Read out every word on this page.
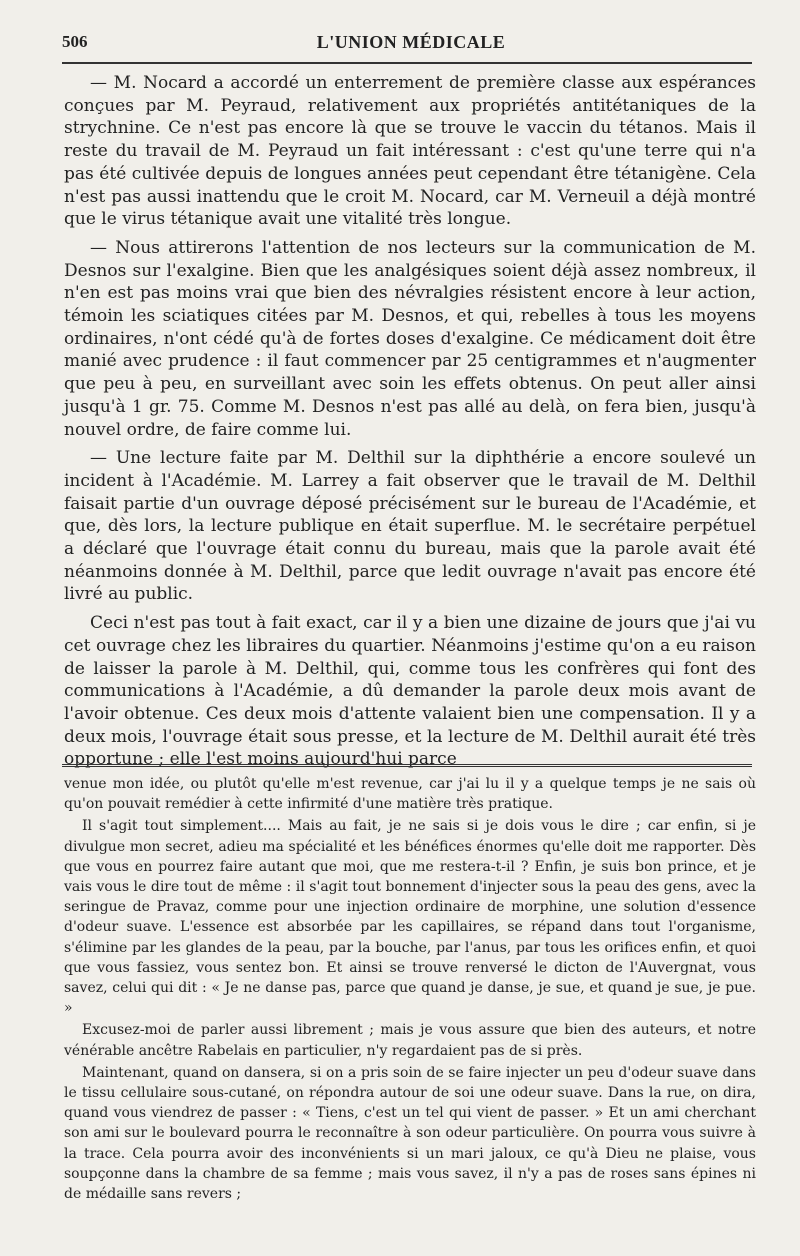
506	L'UNION MÉDICALE

— M. Nocard a accordé un enterrement de première classe aux espérances conçues par M. Peyraud, relativement aux propriétés antitétaniques de la strychnine. Ce n'est pas encore là que se trouve le vaccin du tétanos. Mais il reste du travail de M. Peyraud un fait intéressant : c'est qu'une terre qui n'a pas été cultivée depuis de longues années peut cependant être tétanigène. Cela n'est pas aussi inattendu que le croit M. Nocard, car M. Verneuil a déjà montré que le virus tétanique avait une vitalité très longue.

— Nous attirerons l'attention de nos lecteurs sur la communication de M. Desnos sur l'exalgine. Bien que les analgésiques soient déjà assez nombreux, il n'en est pas moins vrai que bien des névralgies résistent encore à leur action, témoin les sciatiques citées par M. Desnos, et qui, rebelles à tous les moyens ordinaires, n'ont cédé qu'à de fortes doses d'exalgine. Ce médicament doit être manié avec prudence : il faut commencer par 25 centigrammes et n'augmenter que peu à peu, en surveillant avec soin les effets obtenus. On peut aller ainsi jusqu'à 1 gr. 75. Comme M. Desnos n'est pas allé au delà, on fera bien, jusqu'à nouvel ordre, de faire comme lui.

— Une lecture faite par M. Delthil sur la diphthérie a encore soulevé un incident à l'Académie. M. Larrey a fait observer que le travail de M. Delthil faisait partie d'un ouvrage déposé précisément sur le bureau de l'Académie, et que, dès lors, la lecture publique en était superflue. M. le secrétaire perpétuel a déclaré que l'ouvrage était connu du bureau, mais que la parole avait été néanmoins donnée à M. Delthil, parce que ledit ouvrage n'avait pas encore été livré au public.

Ceci n'est pas tout à fait exact, car il y a bien une dizaine de jours que j'ai vu cet ouvrage chez les libraires du quartier. Néanmoins j'estime qu'on a eu raison de laisser la parole à M. Delthil, qui, comme tous les confrères qui font des communications à l'Académie, a dû demander la parole deux mois avant de l'avoir obtenue. Ces deux mois d'attente valaient bien une compensation. Il y a deux mois, l'ouvrage était sous presse, et la lecture de M. Delthil aurait été très opportune ; elle l'est moins aujourd'hui parce

venue mon idée, ou plutôt qu'elle m'est revenue, car j'ai lu il y a quelque temps je ne sais où qu'on pouvait remédier à cette infirmité d'une matière très pratique.

Il s'agit tout simplement.... Mais au fait, je ne sais si je dois vous le dire ; car enfin, si je divulgue mon secret, adieu ma spécialité et les bénéfices énormes qu'elle doit me rapporter. Dès que vous en pourrez faire autant que moi, que me restera-t-il ? Enfin, je suis bon prince, et je vais vous le dire tout de même : il s'agit tout bonnement d'injecter sous la peau des gens, avec la seringue de Pravaz, comme pour une injection ordinaire de morphine, une solution d'essence d'odeur suave. L'essence est absorbée par les capillaires, se répand dans tout l'organisme, s'élimine par les glandes de la peau, par la bouche, par l'anus, par tous les orifices enfin, et quoi que vous fassiez, vous sentez bon. Et ainsi se trouve renversé le dicton de l'Auvergnat, vous savez, celui qui dit : « Je ne danse pas, parce que quand je danse, je sue, et quand je sue, je pue. »

Excusez-moi de parler aussi librement ; mais je vous assure que bien des auteurs, et notre vénérable ancêtre Rabelais en particulier, n'y regardaient pas de si près.

Maintenant, quand on dansera, si on a pris soin de se faire injecter un peu d'odeur suave dans le tissu cellulaire sous-cutané, on répondra autour de soi une odeur suave. Dans la rue, on dira, quand vous viendrez de passer : « Tiens, c'est un tel qui vient de passer. » Et un ami cherchant son ami sur le boulevard pourra le reconnaître à son odeur particulière. On pourra vous suivre à la trace. Cela pourra avoir des inconvénients si un mari jaloux, ce qu'à Dieu ne plaise, vous soupçonne dans la chambre de sa femme ; mais vous savez, il n'y a pas de roses sans épines ni de médaille sans revers ;
